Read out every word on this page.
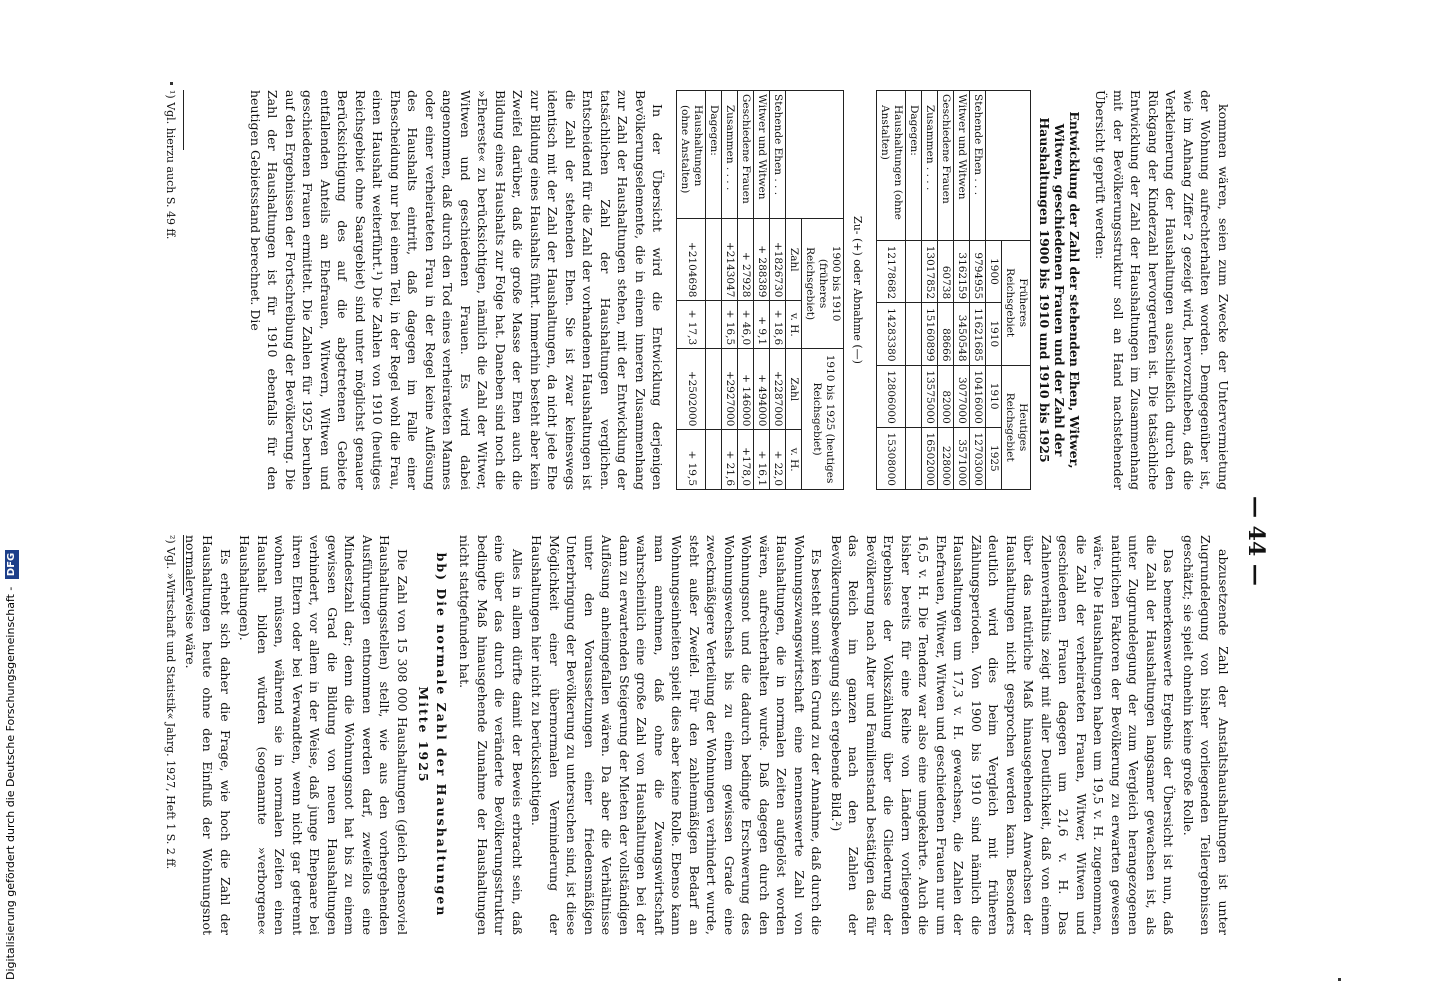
— 44 —

kommen wären, seien zum Zwecke der Untervermietung der Wohnung aufrechterhalten worden. Demgegenüber ist, wie im Anhang Ziffer 2 gezeigt wird, hervorzuheben, daß die Verkleinerung der Haushaltungen ausschließlich durch den Rückgang der Kinderzahl hervorgerufen ist. Die tatsächliche Entwicklung der Zahl der Haushaltungen im Zusammenhang mit der Bevölkerungsstruktur soll an Hand nachstehender Übersicht geprüft werden:

Entwicklung der Zahl der stehenden Ehen, Witwer, Witwen, geschiedenen Frauen und der Zahl der Haushaltungen 1900 bis 1910 und 1910 bis 1925
	Früheres Reichsgebiet		Heutiges Reichsgebiet	
	1900	1910	1910	1925
Stehende Ehen . . .	9794955	11621685	10416000	12703000
Witwer und Witwen	3162159	3450548	3077000	3571000
Geschiedene Frauen	60738	88666	82000	228000
Zusammen . . . .	13017852	15160899	13575000	16502000
Dagegen:				
Haushaltungen (ohne Anstalten)	12178682	14283380	12806000	15308000
Zu- (+) oder Abnahme (—)
	1900 bis 1910 (früheres Reichsgebiet)		1910 bis 1925 (heutiges Reichsgebiet)	
	Zahl	v. H.	Zahl	v. H.
Stehende Ehen . . .	+1826730	+ 18,6	+2287000	+ 22,0
Witwer und Witwen	+ 288389	+ 9,1	+ 494000	+ 16,1
Geschiedene Frauen	+ 27928	+ 46,0	+ 146000	+178,0
Zusammen . . . .	+2143047	+ 16,5	+2927000	+ 21,6
Dagegen:				
Haushaltungen (ohne Anstalten)	+2104698	+ 17,3	+2502000	+ 19,5

In der Übersicht wird die Entwicklung derjenigen Bevölkerungselemente, die in einem inneren Zusammenhang zur Zahl der Haushaltungen stehen, mit der Entwicklung der tatsächlichen Zahl der Haushaltungen verglichen. Entscheidend für die Zahl der vorhandenen Haushaltungen ist die Zahl der stehenden Ehen. Sie ist zwar keineswegs identisch mit der Zahl der Haushaltungen, da nicht jede Ehe zur Bildung eines Haushalts führt. Immerhin besteht aber kein Zweifel darüber, daß die große Masse der Ehen auch die Bildung eines Haushalts zur Folge hat. Daneben sind noch die »Ehereste« zu berücksichtigen, nämlich die Zahl der Witwer, Witwen und geschiedenen Frauen. Es wird dabei angenommen, daß durch den Tod eines verheirateten Mannes oder einer verheirateten Frau in der Regel keine Auflösung des Haushalts eintritt, daß dagegen im Falle einer Ehescheidung nur bei einem Teil, in der Regel wohl die Frau, einen Haushalt weiterführt.¹) Die Zahlen von 1910 (heutiges Reichsgebiet ohne Saargebiet) sind unter möglichst genauer Berücksichtigung des auf die abgetretenen Gebiete entfallenden Anteils an Ehefrauen, Witwern, Witwen und geschiedenen Frauen ermittelt. Die Zahlen für 1925 beruhen auf den Ergebnissen der Fortschreibung der Bevölkerung. Die Zahl der Haushaltungen ist für 1910 ebenfalls für den heutigen Gebietsstand berechnet. Die

¹) Vgl. hierzu auch S. 49 ff.

abzusetzende Zahl der Anstaltshaushaltungen ist unter Zugrundelegung von bisher vorliegenden Teilergebnissen geschätzt; sie spielt ohnehin keine große Rolle.

Das bemerkenswerte Ergebnis der Übersicht ist nun, daß die Zahl der Haushaltungen langsamer gewachsen ist, als unter Zugrundelegung der zum Vergleich herangezogenen natürlichen Faktoren der Bevölkerung zu erwarten gewesen wäre. Die Haushaltungen haben um 19,5 v. H. zugenommen, die Zahl der verheirateten Frauen, Witwer, Witwen und geschiedenen Frauen dagegen um 21,6 v. H. Das Zahlenverhältnis zeigt mit aller Deutlichkeit, daß von einem über das natürliche Maß hinausgehenden Anwachsen der Haushaltungen nicht gesprochen werden kann. Besonders deutlich wird dies beim Vergleich mit früheren Zählungsperioden. Von 1900 bis 1910 sind nämlich die Haushaltungen um 17,3 v. H. gewachsen, die Zahlen der Ehefrauen, Witwer, Witwen und geschiedenen Frauen nur um 16,5 v. H. Die Tendenz war also eine umgekehrte. Auch die bisher bereits für eine Reihe von Ländern vorliegenden Ergebnisse der Volkszählung über die Gliederung der Bevölkerung nach Alter und Familienstand bestätigen das für das Reich im ganzen nach den Zahlen der Bevölkerungsbewegung sich ergebende Bild.²)

Es besteht somit kein Grund zu der Annahme, daß durch die Wohnungszwangswirtschaft eine nennenswerte Zahl von Haushaltungen, die in normalen Zeiten aufgelöst worden wären, aufrechterhalten wurde. Daß dagegen durch den Wohnungsnot und die dadurch bedingte Erschwerung des Wohnungswechsels bis zu einem gewissen Grade eine zweckmäßigere Verteilung der Wohnungen verhindert wurde, steht außer Zweifel. Für den zahlenmäßigen Bedarf an Wohnungseinheiten spielt dies aber keine Rolle. Ebenso kann man annehmen, daß ohne die Zwangswirtschaft wahrscheinlich eine große Zahl von Haushaltungen bei der dann zu erwartenden Steigerung der Mieten der vollständigen Auflösung anheimgefallen wären. Da aber die Verhältnisse unter den Voraussetzungen einer friedensmäßigen Unterbringung der Bevölkerung zu untersuchen sind, ist diese Möglichkeit einer übernormalen Verminderung der Haushaltungen hier nicht zu berücksichtigen.

Alles in allem dürfte damit der Beweis erbracht sein, daß eine über das durch die veränderte Bevölkerungsstruktur bedingte Maß hinausgehende Zunahme der Haushaltungen nicht stattgefunden hat.

bb) Die normale Zahl der Haushaltungen Mitte 1925

Die Zahl von 15 308 000 Haushaltungen (gleich ebensoviel Haushaltungsstellen) stellt, wie aus den vorhergehenden Ausführungen entnommen werden darf, zweifellos eine Mindestzahl dar; denn die Wohnungsnot hat bis zu einem gewissen Grad die Bildung von neuen Haushaltungen verhindert, vor allem in der Weise, daß junge Ehepaare bei ihren Eltern oder bei Verwandten, wenn nicht gar getrennt wohnen müssen, während sie in normalen Zeiten einen Haushalt bilden würden (sogenannte »verborgene« Haushaltungen).

Es erhebt sich daher die Frage, wie hoch die Zahl der Haushaltungen heute ohne den Einfluß der Wohnungsnot normalerweise wäre.

²) Vgl. »Wirtschaft und Statistik« Jahrg. 1927, Heft 1 S. 2 ff.
Digitalisierung gefördert durch die Deutsche Forschungsgemeinschaft - DFG
